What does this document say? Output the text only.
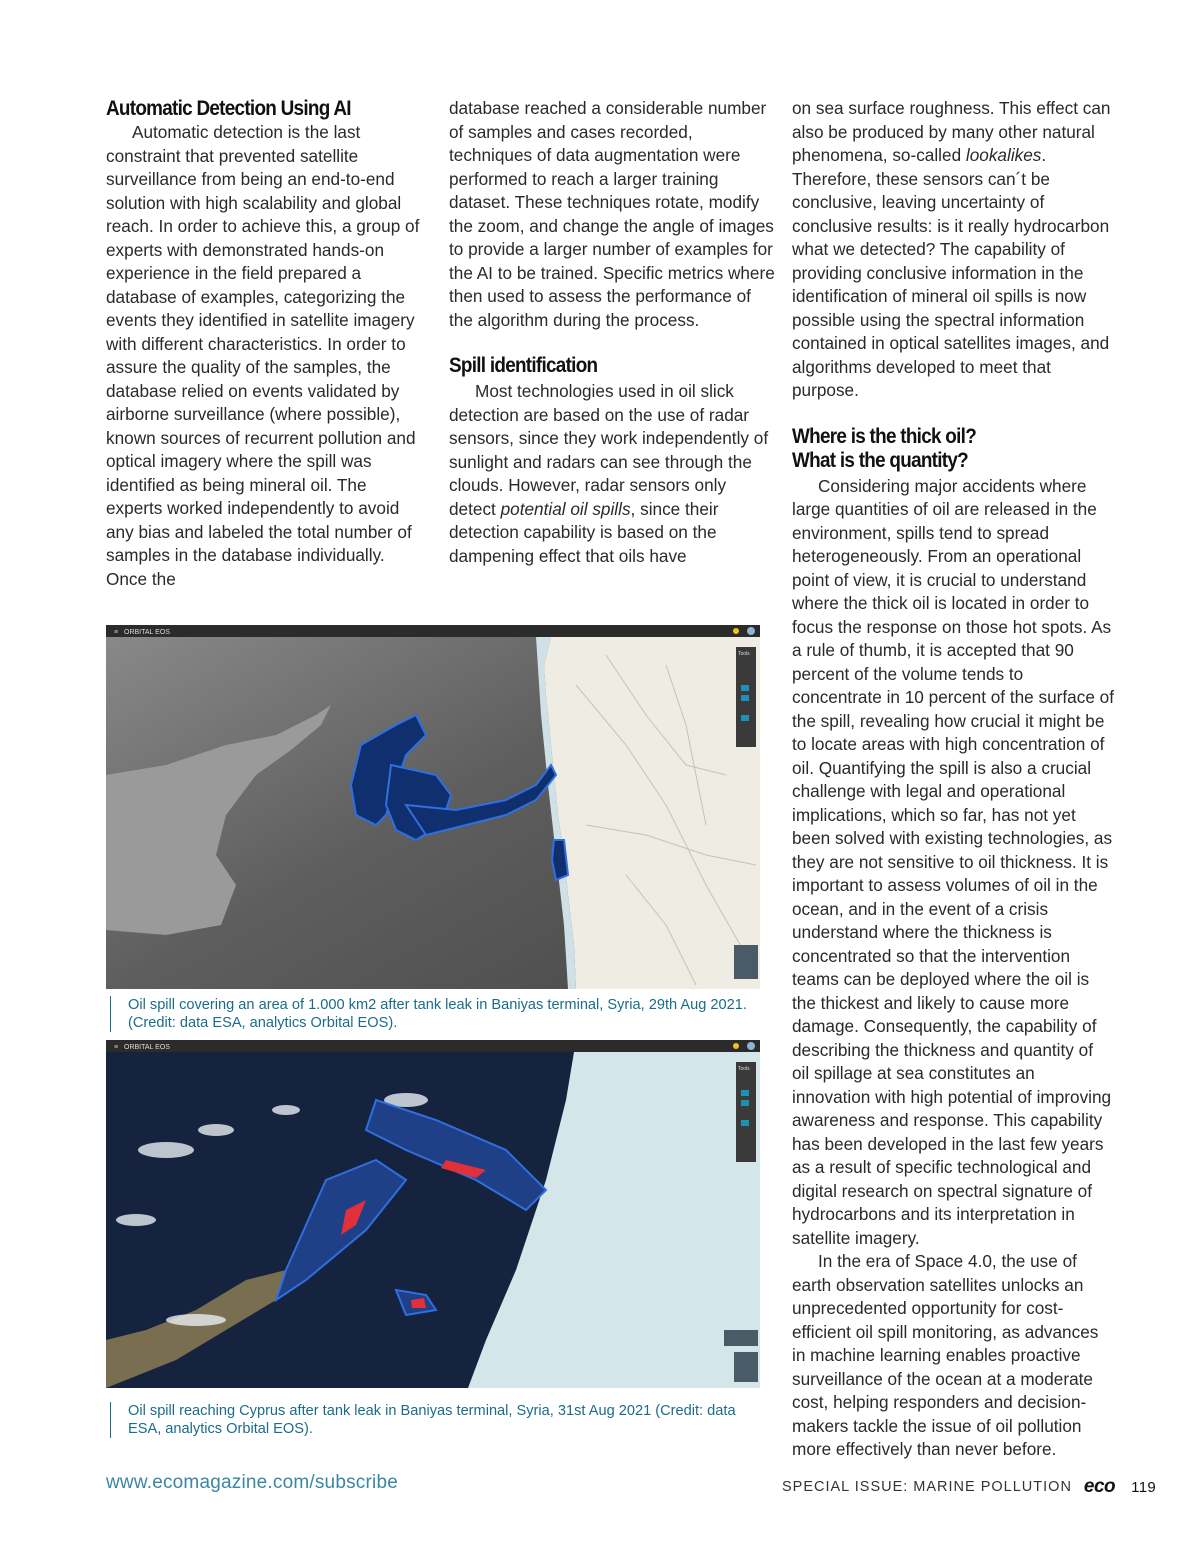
Automatic Detection Using AI

Automatic detection is the last constraint that prevented satellite surveillance from being an end-to-end solution with high scalability and global reach. In order to achieve this, a group of experts with demonstrated hands-on experience in the field prepared a database of examples, categorizing the events they identified in satellite imagery with different characteristics. In order to assure the quality of the samples, the database relied on events validated by airborne surveillance (where possible), known sources of recurrent pollution and optical imagery where the spill was identified as being mineral oil. The experts worked independently to avoid any bias and labeled the total number of samples in the database individually. Once the

database reached a considerable number of samples and cases recorded, techniques of data augmentation were performed to reach a larger training dataset. These techniques rotate, modify the zoom, and change the angle of images to provide a larger number of examples for the AI to be trained. Specific metrics where then used to assess the performance of the algorithm during the process.

Spill identification

Most technologies used in oil slick detection are based on the use of radar sensors, since they work independently of sunlight and radars can see through the clouds. However, radar sensors only detect potential oil spills, since their detection capability is based on the dampening effect that oils have

on sea surface roughness. This effect can also be produced by many other natural phenomena, so-called lookalikes. Therefore, these sensors can´t be conclusive, leaving uncertainty of conclusive results: is it really hydrocarbon what we detected? The capability of providing conclusive information in the identification of mineral oil spills is now possible using the spectral information contained in optical satellites images, and algorithms developed to meet that purpose.

Where is the thick oil?
What is the quantity?

Considering major accidents where large quantities of oil are released in the environment, spills tend to spread heterogeneously. From an operational point of view, it is crucial to understand where the thick oil is located in order to focus the response on those hot spots. As a rule of thumb, it is accepted that 90 percent of the volume tends to concentrate in 10 percent of the surface of the spill, revealing how crucial it might be to locate areas with high concentration of oil. Quantifying the spill is also a crucial challenge with legal and operational implications, which so far, has not yet been solved with existing technologies, as they are not sensitive to oil thickness. It is important to assess volumes of oil in the ocean, and in the event of a crisis understand where the thickness is concentrated so that the intervention teams can be deployed where the oil is the thickest and likely to cause more damage. Consequently, the capability of describing the thickness and quantity of oil spillage at sea constitutes an innovation with high potential of improving awareness and response. This capability has been developed in the last few years as a result of specific technological and digital research on spectral signature of hydrocarbons and its interpretation in satellite imagery.

In the era of Space 4.0, the use of earth observation satellites unlocks an unprecedented opportunity for cost-efficient oil spill monitoring, as advances in machine learning enables proactive surveillance of the ocean at a moderate cost, helping responders and decision-makers tackle the issue of oil pollution more effectively than never before.

≡ ORBITAL EOS
Tools
Oil spill covering an area of 1.000 km2 after tank leak in Baniyas terminal, Syria, 29th Aug 2021. (Credit: data ESA, analytics Orbital EOS).
≡ ORBITAL EOS
Tools
Oil spill reaching Cyprus after tank leak in Baniyas terminal, Syria, 31st Aug 2021 (Credit: data ESA, analytics Orbital EOS).
www.ecomagazine.com/subscribe	SPECIAL ISSUE: MARINE POLLUTION eco 119
